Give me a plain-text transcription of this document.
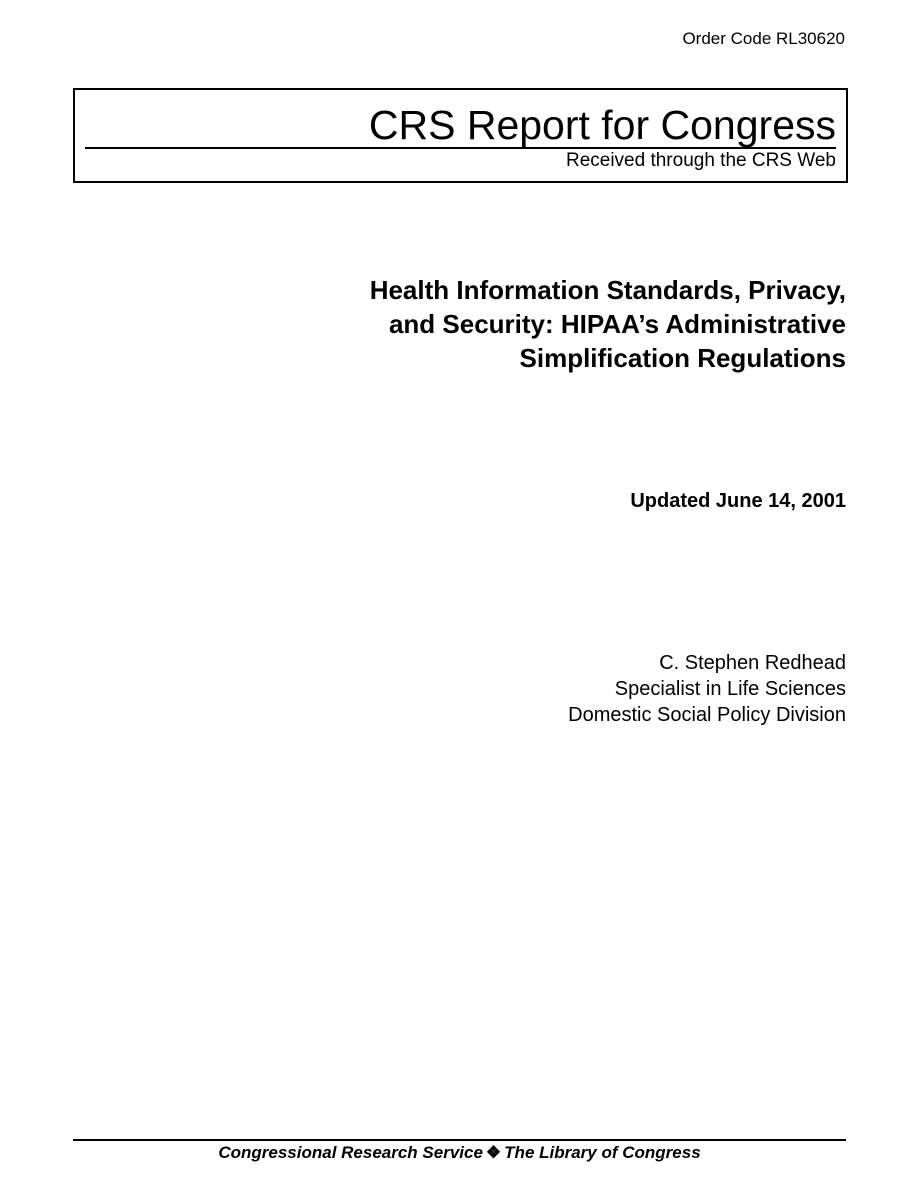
Order Code RL30620
CRS Report for Congress
Received through the CRS Web
Health Information Standards, Privacy,
and Security: HIPAA’s Administrative
Simplification Regulations
Updated June 14, 2001
C. Stephen Redhead
Specialist in Life Sciences
Domestic Social Policy Division
Congressional Research Service ❖ The Library of Congress
